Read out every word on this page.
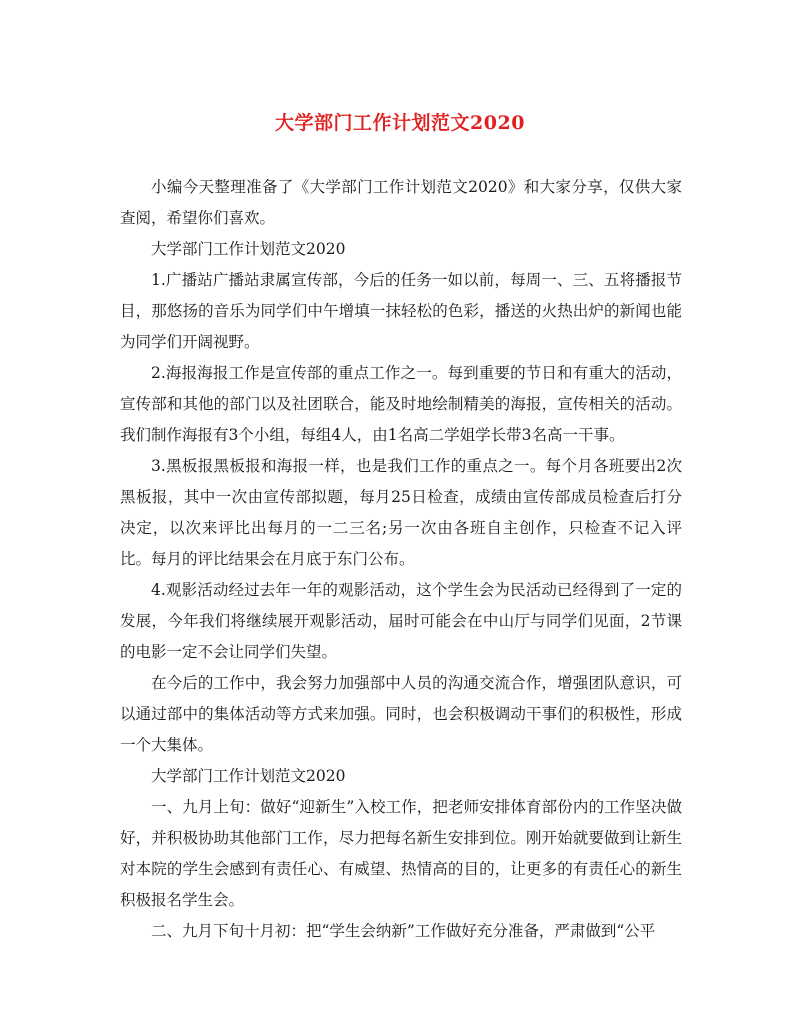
大学部门工作计划范文2020

小编今天整理准备了《大学部门工作计划范文2020》和大家分享，仅供大家查阅，希望你们喜欢。

大学部门工作计划范文2020

1.广播站广播站隶属宣传部，今后的任务一如以前，每周一、三、五将播报节目，那悠扬的音乐为同学们中午增填一抹轻松的色彩，播送的火热出炉的新闻也能为同学们开阔视野。

2.海报海报工作是宣传部的重点工作之一。每到重要的节日和有重大的活动，宣传部和其他的部门以及社团联合，能及时地绘制精美的海报，宣传相关的活动。我们制作海报有3个小组，每组4人，由1名高二学姐学长带3名高一干事。

3.黑板报黑板报和海报一样，也是我们工作的重点之一。每个月各班要出2次黑板报，其中一次由宣传部拟题，每月25日检查，成绩由宣传部成员检查后打分决定，以次来评比出每月的一二三名;另一次由各班自主创作，只检查不记入评比。每月的评比结果会在月底于东门公布。

4.观影活动经过去年一年的观影活动，这个学生会为民活动已经得到了一定的发展，今年我们将继续展开观影活动，届时可能会在中山厅与同学们见面，2节课的电影一定不会让同学们失望。

在今后的工作中，我会努力加强部中人员的沟通交流合作，增强团队意识，可以通过部中的集体活动等方式来加强。同时，也会积极调动干事们的积极性，形成一个大集体。

大学部门工作计划范文2020

一、九月上旬：做好“迎新生”入校工作，把老师安排体育部份内的工作坚决做好，并积极协助其他部门工作，尽力把每名新生安排到位。刚开始就要做到让新生对本院的学生会感到有责任心、有威望、热情高的目的，让更多的有责任心的新生积极报名学生会。

二、九月下旬十月初：把“学生会纳新”工作做好充分准备，严肃做到“公平
